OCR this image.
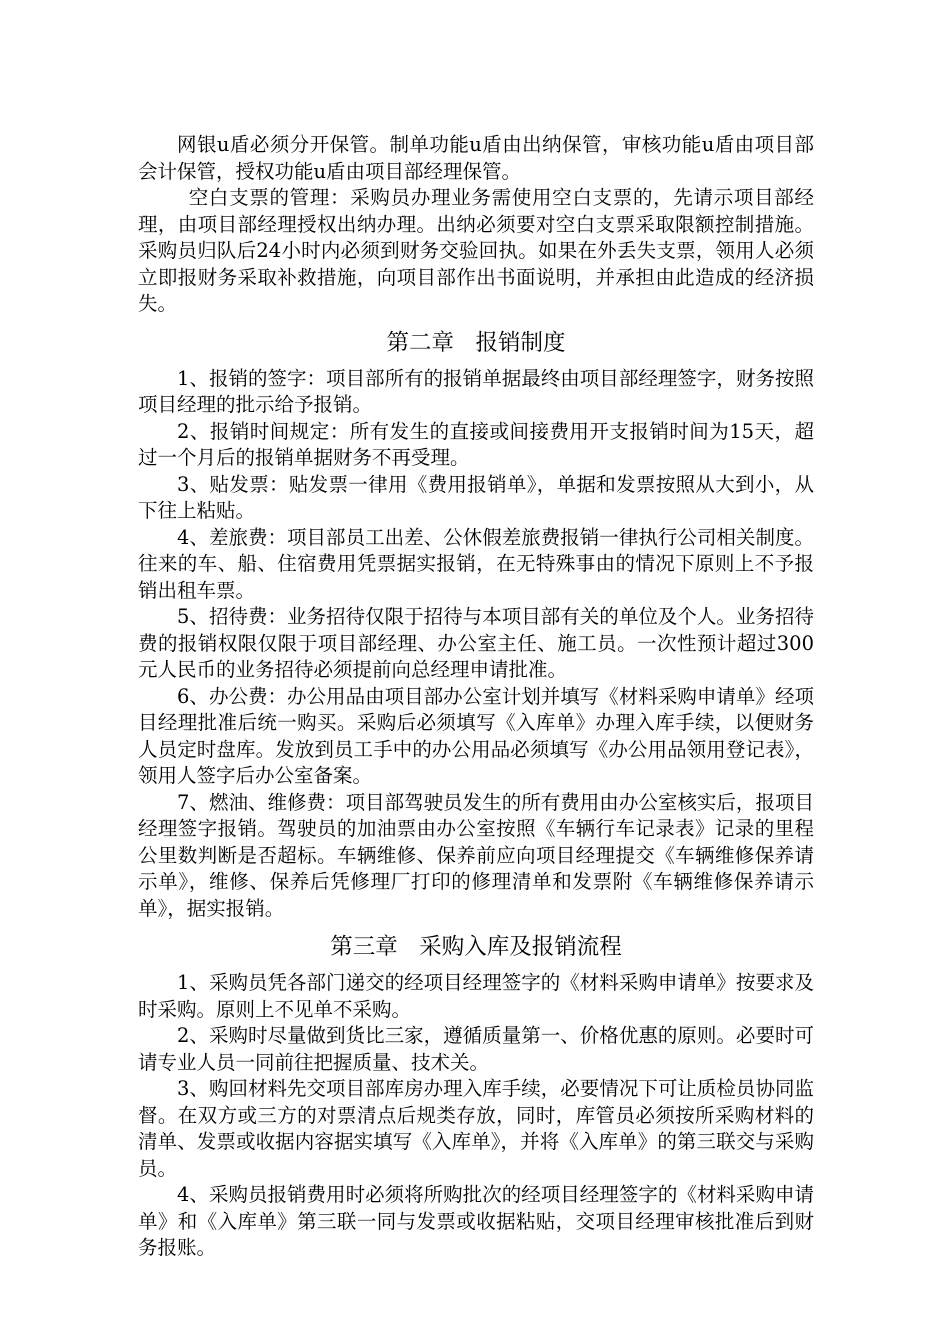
网银u盾必须分开保管。制单功能u盾由出纳保管，审核功能u盾由项目部会计保管，授权功能u盾由项目部经理保管。

空白支票的管理：采购员办理业务需使用空白支票的，先请示项目部经理，由项目部经理授权出纳办理。出纳必须要对空白支票采取限额控制措施。采购员归队后24小时内必须到财务交验回执。如果在外丢失支票，领用人必须立即报财务采取补救措施，向项目部作出书面说明，并承担由此造成的经济损失。

第二章   报销制度

1、报销的签字：项目部所有的报销单据最终由项目部经理签字，财务按照项目经理的批示给予报销。

2、报销时间规定：所有发生的直接或间接费用开支报销时间为15天，超过一个月后的报销单据财务不再受理。

3、贴发票：贴发票一律用《费用报销单》，单据和发票按照从大到小，从下往上粘贴。

4、差旅费：项目部员工出差、公休假差旅费报销一律执行公司相关制度。往来的车、船、住宿费用凭票据实报销，在无特殊事由的情况下原则上不予报销出租车票。

5、招待费：业务招待仅限于招待与本项目部有关的单位及个人。业务招待费的报销权限仅限于项目部经理、办公室主任、施工员。一次性预计超过300元人民币的业务招待必须提前向总经理申请批准。

6、办公费：办公用品由项目部办公室计划并填写《材料采购申请单》经项目经理批准后统一购买。采购后必须填写《入库单》办理入库手续，以便财务人员定时盘库。发放到员工手中的办公用品必须填写《办公用品领用登记表》，领用人签字后办公室备案。

7、燃油、维修费：项目部驾驶员发生的所有费用由办公室核实后，报项目经理签字报销。驾驶员的加油票由办公室按照《车辆行车记录表》记录的里程公里数判断是否超标。车辆维修、保养前应向项目经理提交《车辆维修保养请示单》，维修、保养后凭修理厂打印的修理清单和发票附《车辆维修保养请示单》，据实报销。

第三章   采购入库及报销流程

1、采购员凭各部门递交的经项目经理签字的《材料采购申请单》按要求及时采购。原则上不见单不采购。

2、采购时尽量做到货比三家，遵循质量第一、价格优惠的原则。必要时可请专业人员一同前往把握质量、技术关。

3、购回材料先交项目部库房办理入库手续，必要情况下可让质检员协同监督。在双方或三方的对票清点后规类存放，同时，库管员必须按所采购材料的清单、发票或收据内容据实填写《入库单》，并将《入库单》的第三联交与采购员。

4、采购员报销费用时必须将所购批次的经项目经理签字的《材料采购申请单》和《入库单》第三联一同与发票或收据粘贴，交项目经理审核批准后到财务报账。
